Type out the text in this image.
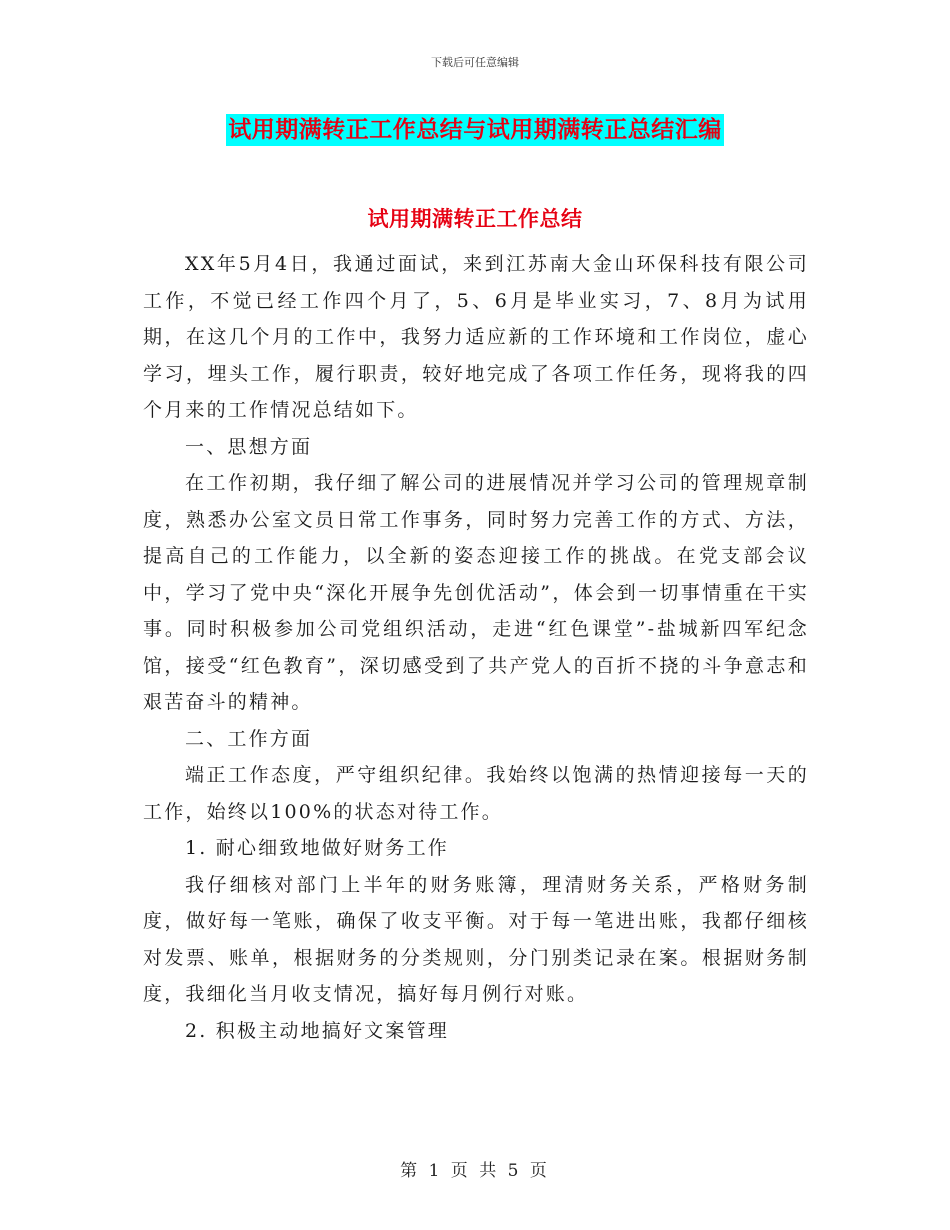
下载后可任意编辑
试用期满转正工作总结与试用期满转正总结汇编
试用期满转正工作总结

XX年5月4日，我通过面试，来到江苏南大金山环保科技有限公司工作，不觉已经工作四个月了，5、6月是毕业实习，7、8月为试用期，在这几个月的工作中，我努力适应新的工作环境和工作岗位，虚心学习，埋头工作，履行职责，较好地完成了各项工作任务，现将我的四个月来的工作情况总结如下。

一、思想方面

在工作初期，我仔细了解公司的进展情况并学习公司的管理规章制度，熟悉办公室文员日常工作事务，同时努力完善工作的方式、方法，提高自己的工作能力，以全新的姿态迎接工作的挑战。在党支部会议中，学习了党中央“深化开展争先创优活动”，体会到一切事情重在干实事。同时积极参加公司党组织活动，走进“红色课堂”-盐城新四军纪念馆，接受“红色教育”，深切感受到了共产党人的百折不挠的斗争意志和艰苦奋斗的精神。

二、工作方面

端正工作态度，严守组织纪律。我始终以饱满的热情迎接每一天的工作，始终以100%的状态对待工作。

1. 耐心细致地做好财务工作

我仔细核对部门上半年的财务账簿，理清财务关系，严格财务制度，做好每一笔账，确保了收支平衡。对于每一笔进出账，我都仔细核对发票、账单，根据财务的分类规则，分门别类记录在案。根据财务制度，我细化当月收支情况，搞好每月例行对账。

2. 积极主动地搞好文案管理

第 1 页 共 5 页
